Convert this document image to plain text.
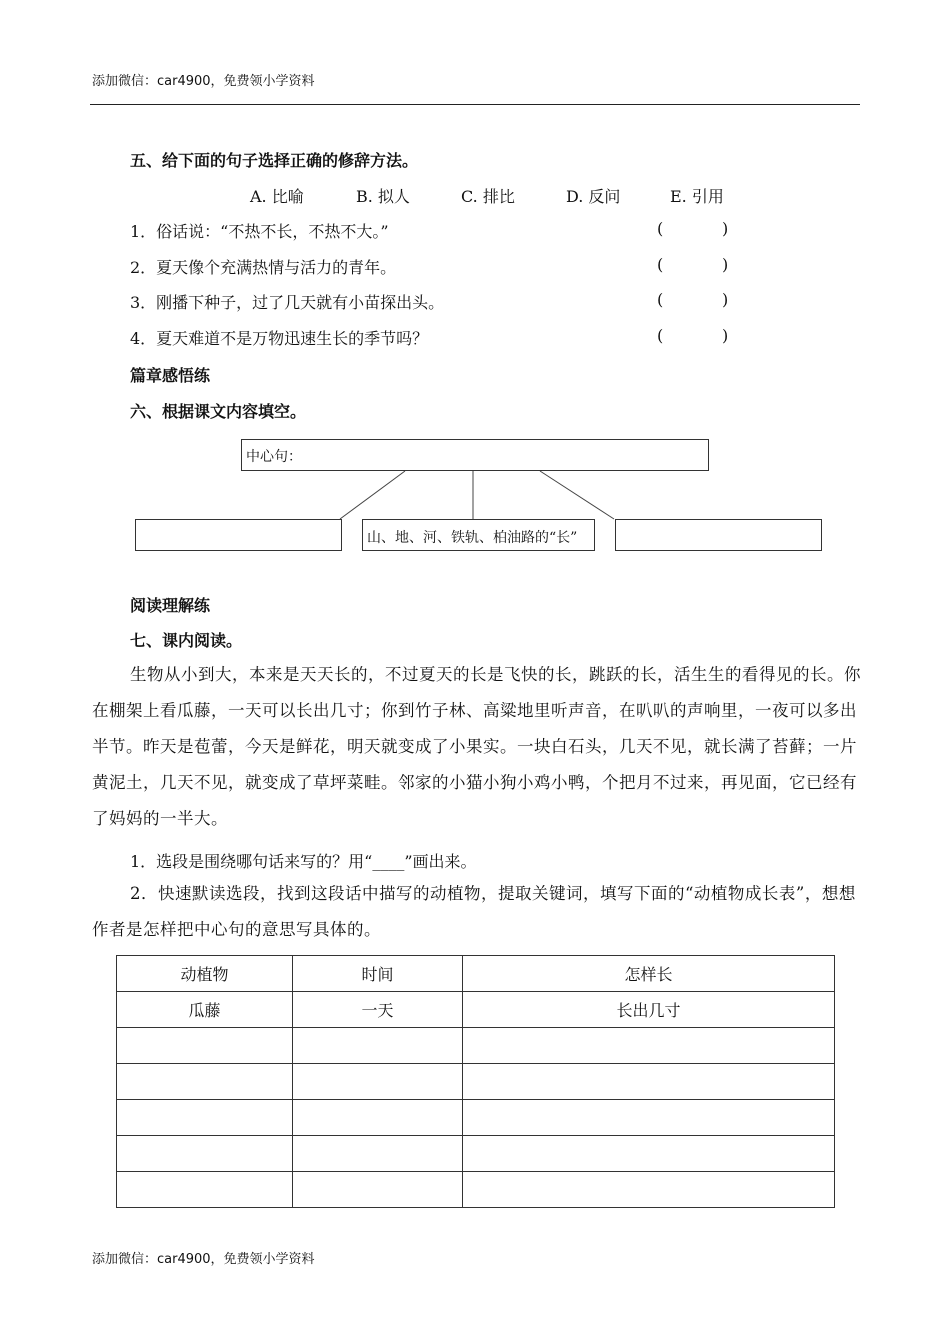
添加微信：car4900，免费领小学资料
五、给下面的句子选择正确的修辞方法。
A. 比喻	B. 拟人	C. 排比	D. 反问	E. 引用
1．俗话说：“不热不长，不热不大。”	(	)
2．夏天像个充满热情与活力的青年。	(	)
3．刚播下种子，过了几天就有小苗探出头。	(	)
4．夏天难道不是万物迅速生长的季节吗？	(	)
篇章感悟练
六、根据课文内容填空。
中心句：
山、地、河、铁轨、柏油路的“长”
阅读理解练
七、课内阅读。
生物从小到大，本来是天天长的，不过夏天的长是飞快的长，跳跃的长，活生生的看得见的长。你在棚架上看瓜藤，一天可以长出几寸；你到竹子林、高粱地里听声音，在叭叭的声响里，一夜可以多出半节。昨天是苞蕾，今天是鲜花，明天就变成了小果实。一块白石头，几天不见，就长满了苔藓；一片黄泥土，几天不见，就变成了草坪菜畦。邻家的小猫小狗小鸡小鸭，个把月不过来，再见面，它已经有了妈妈的一半大。
1．选段是围绕哪句话来写的？用“____”画出来。
2．快速默读选段，找到这段话中描写的动植物，提取关键词，填写下面的“动植物成长表”，想想作者是怎样把中心句的意思写具体的。
动植物	时间	怎样长
瓜藤	一天	长出几寸

添加微信：car4900，免费领小学资料
